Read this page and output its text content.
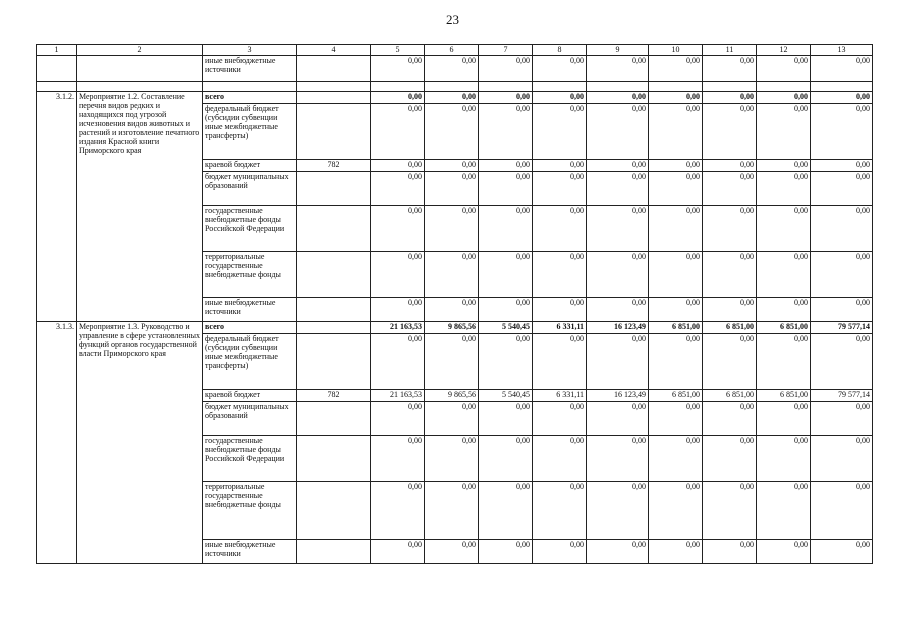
23
1	2	3	4	5	6	7	8	9	10	11	12	13
		иные внебюджетные источники		0,00	0,00	0,00	0,00	0,00	0,00	0,00	0,00	0,00

3.1.2.	Мероприятие 1.2. Составление перечня видов редких и находящихся под угрозой исчезновения видов животных и растений и изготовление печатного издания Красной книги Приморского края	всего		0,00	0,00	0,00	0,00	0,00	0,00	0,00	0,00	0,00
		федеральный бюджет (субсидии субвенции иные межбюджетные трансферты)		0,00	0,00	0,00	0,00	0,00	0,00	0,00	0,00	0,00
		краевой бюджет	782	0,00	0,00	0,00	0,00	0,00	0,00	0,00	0,00	0,00
		бюджет муниципальных образований		0,00	0,00	0,00	0,00	0,00	0,00	0,00	0,00	0,00
		государственные внебюджетные фонды Российской Федерации		0,00	0,00	0,00	0,00	0,00	0,00	0,00	0,00	0,00
		территориальные государственные внебюджетные фонды		0,00	0,00	0,00	0,00	0,00	0,00	0,00	0,00	0,00
		иные внебюджетные источники		0,00	0,00	0,00	0,00	0,00	0,00	0,00	0,00	0,00
3.1.3.	Мероприятие 1.3. Руководство и управление в сфере установленных функций органов государственной власти Приморского края	всего		21 163,53	9 865,56	5 540,45	6 331,11	16 123,49	6 851,00	6 851,00	6 851,00	79 577,14
		федеральный бюджет (субсидии субвенции иные межбюджетные трансферты)		0,00	0,00	0,00	0,00	0,00	0,00	0,00	0,00	0,00
		краевой бюджет	782	21 163,53	9 865,56	5 540,45	6 331,11	16 123,49	6 851,00	6 851,00	6 851,00	79 577,14
		бюджет муниципальных образований		0,00	0,00	0,00	0,00	0,00	0,00	0,00	0,00	0,00
		государственные внебюджетные фонды Российской Федерации		0,00	0,00	0,00	0,00	0,00	0,00	0,00	0,00	0,00
		территориальные государственные внебюджетные фонды		0,00	0,00	0,00	0,00	0,00	0,00	0,00	0,00	0,00
		иные внебюджетные источники		0,00	0,00	0,00	0,00	0,00	0,00	0,00	0,00	0,00
